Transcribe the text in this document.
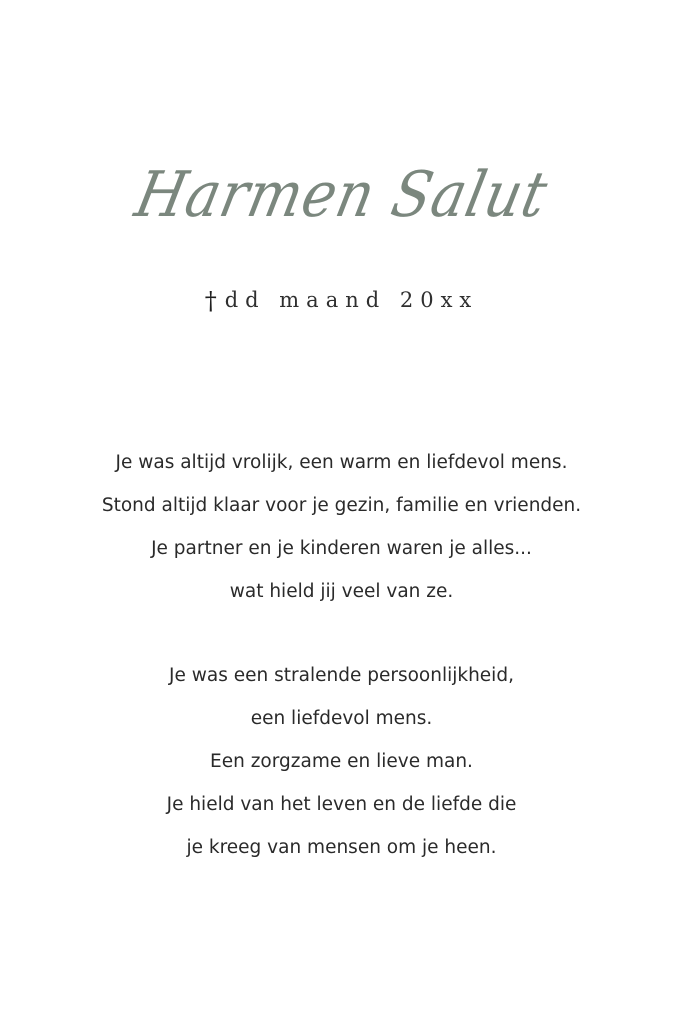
Harmen Salut
† dd maand 20xx
Je was altijd vrolijk, een warm en liefdevol mens.
Stond altijd klaar voor je gezin, familie en vrienden.
Je partner en je kinderen waren je alles...
wat hield jij veel van ze.
Je was een stralende persoonlijkheid,
een liefdevol mens.
Een zorgzame en lieve man.
Je hield van het leven en de liefde die
je kreeg van mensen om je heen.
